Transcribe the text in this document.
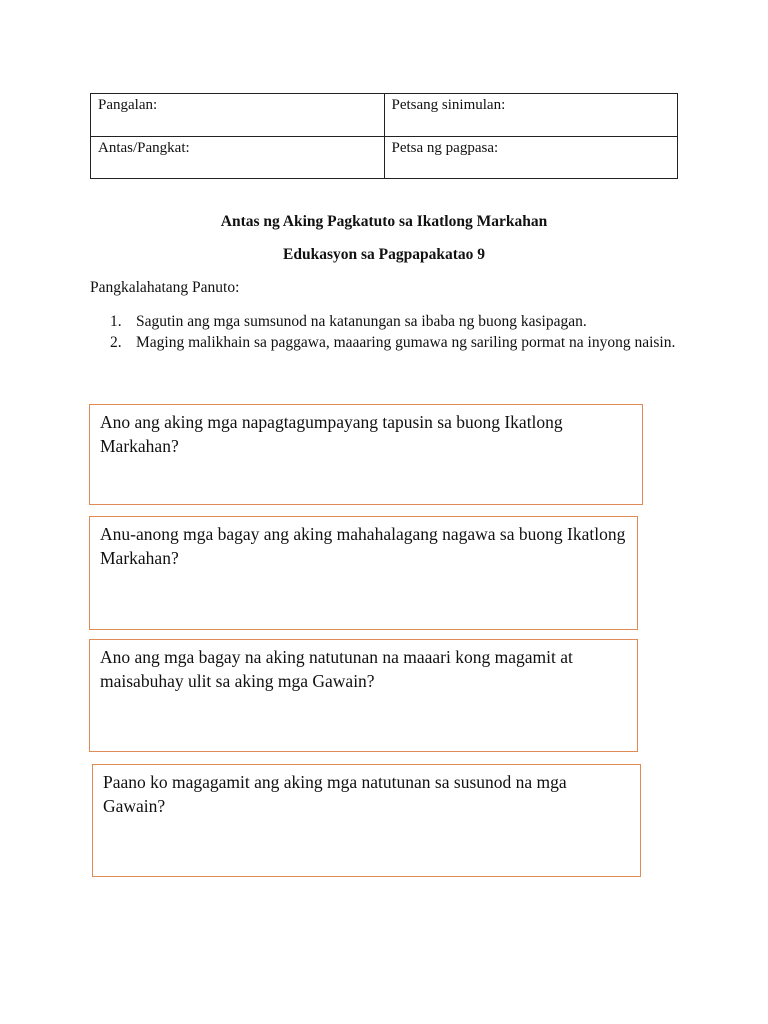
Pangalan:	Petsang sinimulan:
Antas/Pangkat:	Petsa ng pagpasa:
Antas ng Aking Pagkatuto sa Ikatlong Markahan
Edukasyon sa Pagpapakatao 9
Pangkalahatang Panuto:
1. Sagutin ang mga sumsunod na katanungan sa ibaba ng buong kasipagan.
2. Maging malikhain sa paggawa, maaaring gumawa ng sariling pormat na inyong naisin.
Ano ang aking mga napagtagumpayang tapusin sa buong Ikatlong Markahan?
Anu-anong mga bagay ang aking mahahalagang nagawa sa buong Ikatlong Markahan?
Ano ang mga bagay na aking natutunan na maaari kong magamit at maisabuhay ulit sa aking mga Gawain?
Paano ko magagamit ang aking mga natutunan sa susunod na mga Gawain?
